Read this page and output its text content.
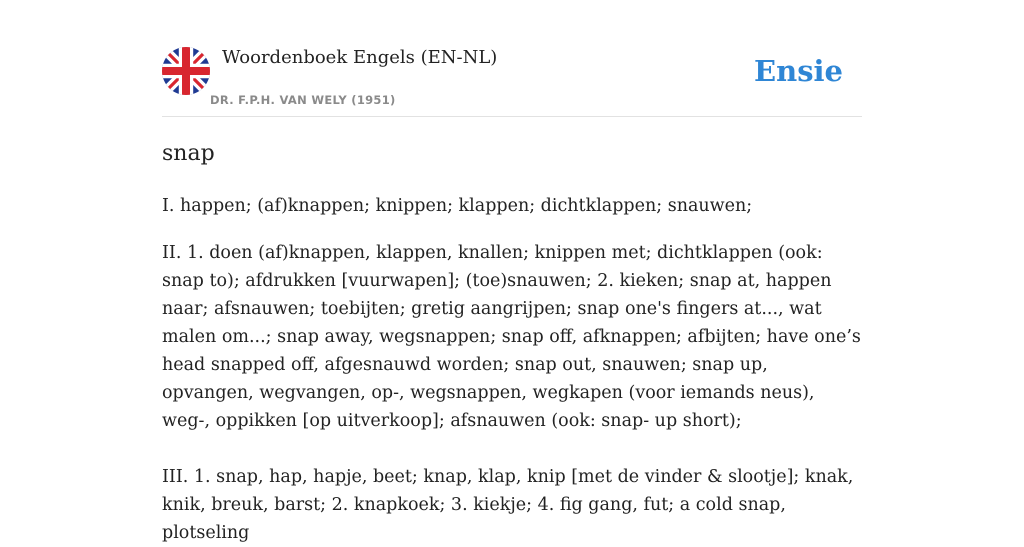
Woordenboek Engels (EN-NL)
DR. F.P.H. VAN WELY (1951)
Ensie
snap

I. happen; (af)knappen; knippen; klappen; dichtklappen; snauwen;

II. 1. doen (af)knappen, klappen, knallen; knippen met; dichtklappen (ook: snap to); afdrukken [vuurwapen]; (toe)snauwen; 2. kieken; snap at, happen naar; afsnauwen; toebijten; gretig aangrijpen; snap one's fingers at..., wat malen om...; snap away, wegsnappen; snap off, afknappen; afbijten; have one’s head snapped off, afgesnauwd worden; snap out, snauwen; snap up, opvangen, wegvangen, op-, wegsnappen, wegkapen (voor iemands neus), weg-, oppikken [op uitverkoop]; afsnauwen (ook: snap- up short);

III. 1. snap, hap, hapje, beet; knap, klap, knip [met de vinder & slootje]; knak, knik, breuk, barst; 2. knapkoek; 3. kiekje; 4. fig gang, fut; a cold snap, plotseling
